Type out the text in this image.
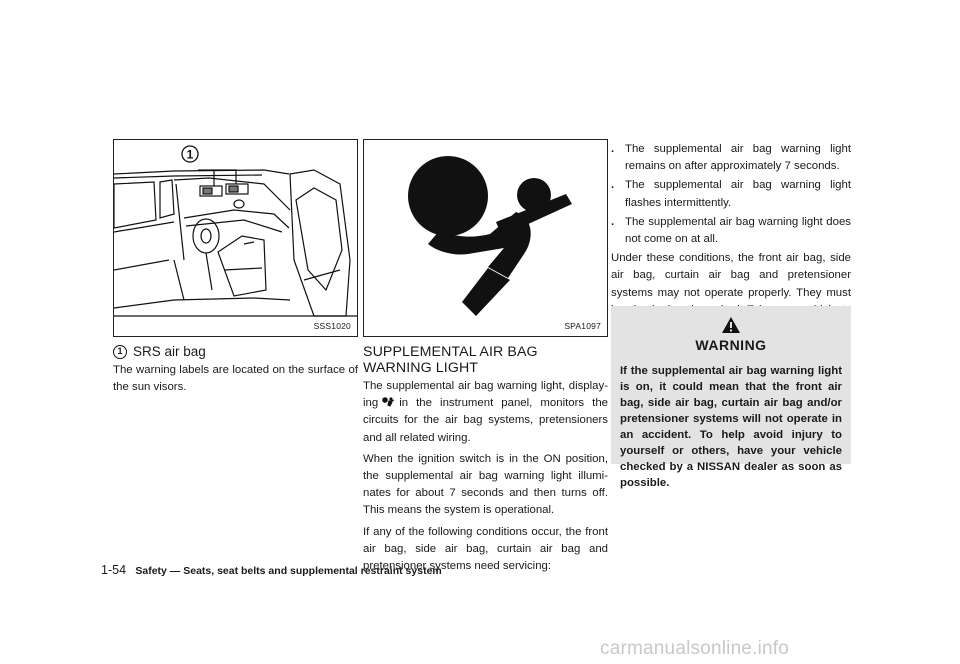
1
SSS1020
1 SRS air bag

The warning labels are located on the surface of the sun visors.

SPA1097
SUPPLEMENTAL AIR BAG WARNING LIGHT

The supplemental air bag warning light, display-ing in the instrument panel, monitors the circuits for the air bag systems, pretensioners and all related wiring.

When the ignition switch is in the ON position, the supplemental air bag warning light illumi-nates for about 7 seconds and then turns off. This means the system is operational.

If any of the following conditions occur, the front air bag, side air bag, curtain air bag and pretensioner systems need servicing:

. The supplemental air bag warning light remains on after approximately 7 seconds.
. The supplemental air bag warning light flashes intermittently.
. The supplemental air bag warning light does not come on at all.

Under these conditions, the front air bag, side air bag, curtain air bag and pretensioner systems may not operate properly. They must

WARNING
If the supplemental air bag warning light is on, it could mean that the front air bag, side air bag, curtain air bag and/or pretensioner systems will not operate in an accident. To help avoid injury to yourself or others, have your vehicle checked by a NISSAN dealer as soon as possible.
1-54 Safety — Seats, seat belts and supplemental restraint system
carmanualsonline.info
